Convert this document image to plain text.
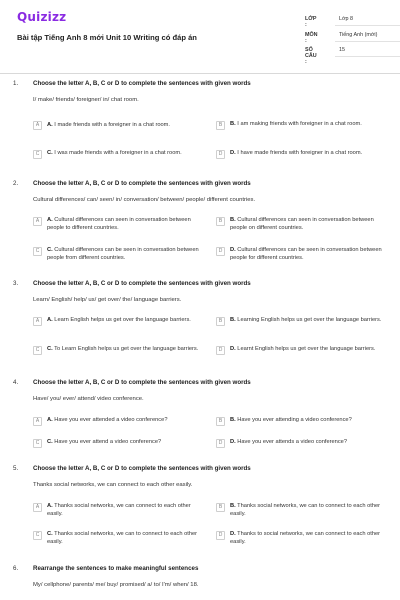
Quizizz
Bài tập Tiếng Anh 8 mới Unit 10 Writing có đáp án
LỚP :
Lớp 8
MÔN :
Tiếng Anh (mới)
SỐ CÂU :
15
1. Choose the letter A, B, C or D to complete the sentences with given words
I/ make/ friends/ foreigner/ in/ chat room.
A	A. I made friends with a foreigner in a chat room.	B	B. I am making friends with foreigner in a chat room.
C	C. I was made friends with a foreigner in a chat room.	D	D. I have made friends with foreigner in a chat room.
2. Choose the letter A, B, C or D to complete the sentences with given words
Cultural differences/ can/ seen/ in/ conversation/ between/ people/ different countries.
A	A. Cultural differences can seen in conversation between people to different countries.
B	B. Cultural differences can seen in conversation between people on different countries.
C	C. Cultural differences can be seen in conversation between people from different countries.
D	D. Cultural differences can be seen in conversation between people for different countries.
3. Choose the letter A, B, C or D to complete the sentences with given words
Learn/ English/ help/ us/ get over/ the/ language barriers.
A	A. Learn English helps us get over the language barriers.	B	B. Learning English helps us get over the language barriers.
C	C. To Learn English helps us get over the language barriers.	D	D. Learnt English helps us get over the language barriers.
4. Choose the letter A, B, C or D to complete the sentences with given words
Have/ you/ ever/ attend/ video conference.
A	A. Have you ever attended a video conference?	B	B. Have you ever attending a video conference?
C	C. Have you ever attend a video conference?	D	D. Have you ever attends a video conference?
5. Choose the letter A, B, C or D to complete the sentences with given words
Thanks social networks, we can connect to each other easily.
A	A. Thanks social networks, we can connect to each other easily.
B	B. Thanks social networks, we can to connect to each other easily.
C	C. Thanks social networks, we can to connect to each other easily.
D	D. Thanks to social networks, we can connect to each other easily.
6. Rearrange the sentences to make meaningful sentences
My/ cellphone/ parents/ me/ buy/ promised/ a/ to/ I'm/ when/ 18.
